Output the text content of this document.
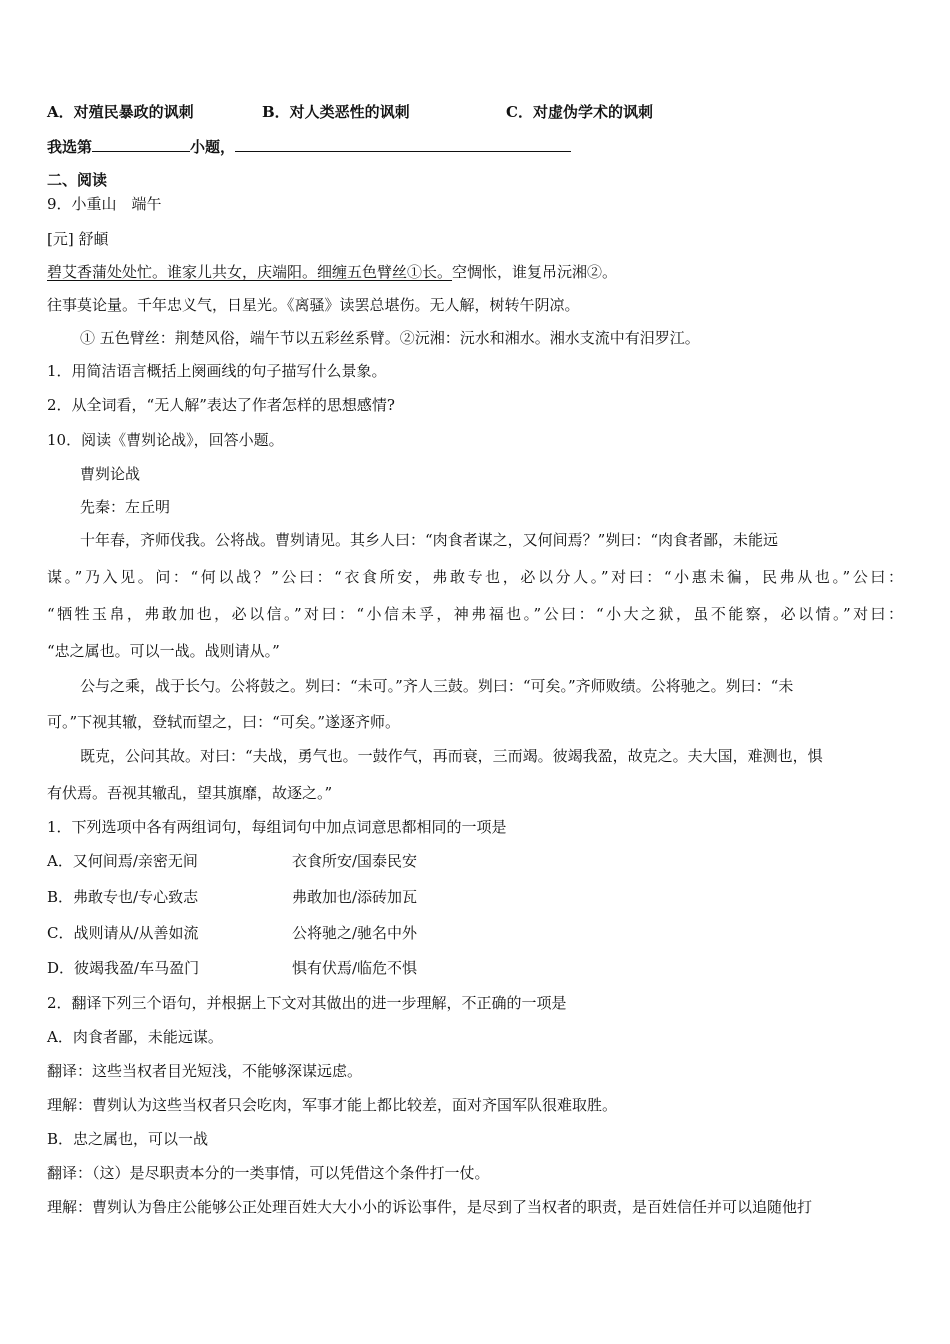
A．对殖民暴政的讽刺	B．对人类恶性的讽刺	C．对虚伪学术的讽刺
我选第	小题，
二、阅读
9．小重山　端午
[元] 舒頔
碧艾香蒲处处忙。谁家儿共女，庆端阳。细缠五色臂丝①长。空惆怅，谁复吊沅湘②。
往事莫论量。千年忠义气，日星光。《离骚》读罢总堪伤。无人解，树转午阴凉。
① 五色臂丝：荆楚风俗，端午节以五彩丝系臂。②沅湘：沅水和湘水。湘水支流中有汨罗江。
1．用简洁语言概括上阕画线的句子描写什么景象。
2．从全词看，“无人解”表达了作者怎样的思想感情?
10．阅读《曹刿论战》，回答小题。
曹刿论战
先秦：左丘明
十年春，齐师伐我。公将战。曹刿请见。其乡人曰：“肉食者谋之，又何间焉？”刿曰：“肉食者鄙，未能远
谋。”乃入见。问：“何以战？”公曰：“衣食所安，弗敢专也，必以分人。”对曰：“小惠未徧，民弗从也。”公曰：
“牺牲玉帛，弗敢加也，必以信。”对曰：“小信未孚，神弗福也。”公曰：“小大之狱，虽不能察，必以情。”对曰：
“忠之属也。可以一战。战则请从。”
公与之乘，战于长勺。公将鼓之。刿曰：“未可。”齐人三鼓。刿曰：“可矣。”齐师败绩。公将驰之。刿曰：“未
可。”下视其辙，登轼而望之，曰：“可矣。”遂逐齐师。
既克，公问其故。对曰：“夫战，勇气也。一鼓作气，再而衰，三而竭。彼竭我盈，故克之。夫大国，难测也，惧
有伏焉。吾视其辙乱，望其旗靡，故逐之。”
1．下列选项中各有两组词句，每组词句中加点词意思都相同的一项是
A．又何间焉/亲密无间	衣食所安/国泰民安
B．弗敢专也/专心致志	弗敢加也/添砖加瓦
C．战则请从/从善如流	公将驰之/驰名中外
D．彼竭我盈/车马盈门	惧有伏焉/临危不惧
2．翻译下列三个语句，并根据上下文对其做出的进一步理解，不正确的一项是
A．肉食者鄙，未能远谋。
翻译：这些当权者目光短浅，不能够深谋远虑。
理解：曹刿认为这些当权者只会吃肉，军事才能上都比较差，面对齐国军队很难取胜。
B．忠之属也，可以一战
翻译：（这）是尽职责本分的一类事情，可以凭借这个条件打一仗。
理解：曹刿认为鲁庄公能够公正处理百姓大大小小的诉讼事件，是尽到了当权者的职责，是百姓信任并可以追随他打
